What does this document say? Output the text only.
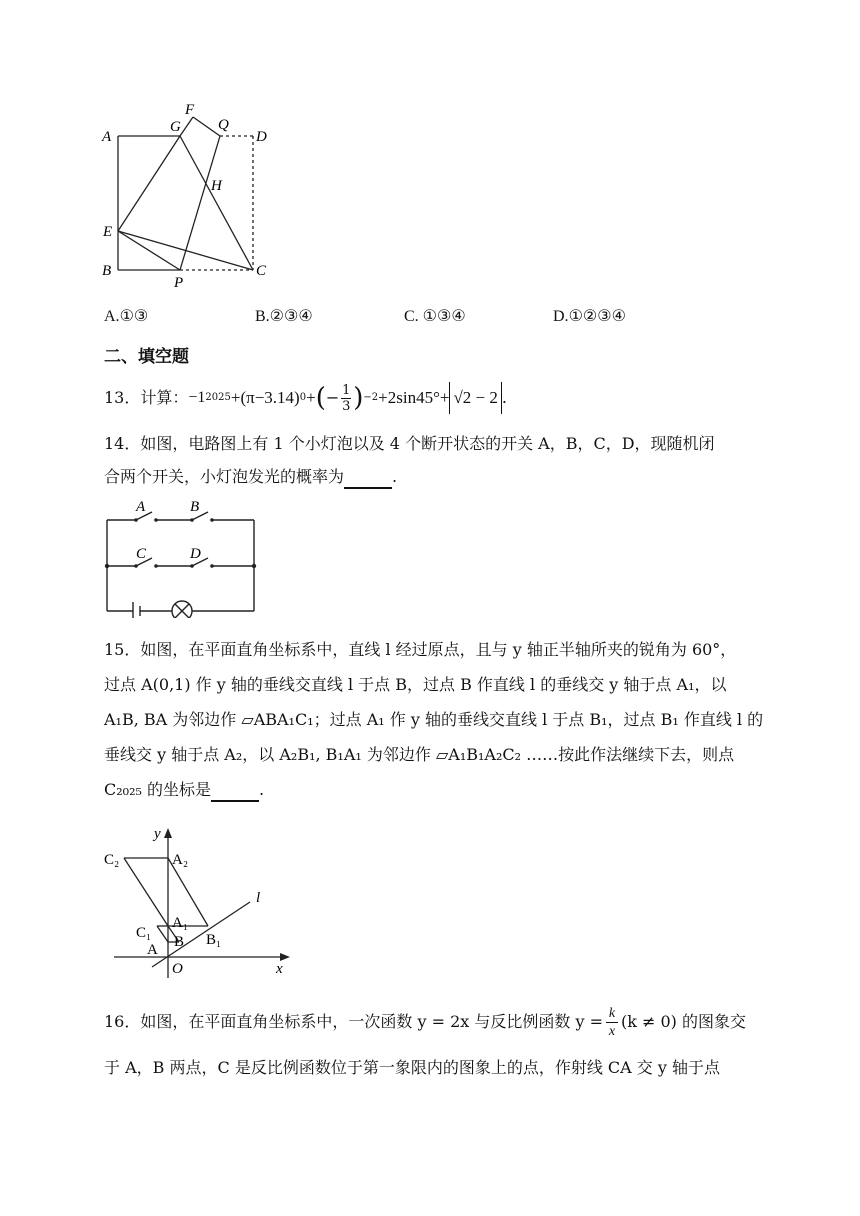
A
G
F
Q
D
H
E
B
P
C
A.①③	B.②③④	C. ①③④	D.①②③④
二、填空题
13． 计算： −1 2025 +(π−3.14) 0 + ( − $\frac{1}{3}$ ) −2 +2sin45°+ √2 − 2 .
14．如图，电路图上有 1 个小灯泡以及 4 个断开状态的开关 A，B，C，D，现随机闭
合两个开关，小灯泡发光的概率为	.
A	B
C	D
15．如图，在平面直角坐标系中，直线 l 经过原点，且与 y 轴正半轴所夹的锐角为 60°，
过点 A(0,1) 作 y 轴的垂线交直线 l 于点 B，过点 B 作直线 l 的垂线交 y 轴于点 A₁，以
A₁B, BA 为邻边作 ▱ABA₁C₁；过点 A₁ 作 y 轴的垂线交直线 l 于点 B₁，过点 B₁ 作直线 l 的
垂线交 y 轴于点 A₂，以 A₂B₁, B₁A₁ 为邻边作 ▱A₁B₁A₂C₂ ……按此作法继续下去，则点
C₂₀₂₅ 的坐标是	.
y
x
l
O
A B
C₁
A₁
B₁
C₂	A₂
16．如图，在平面直角坐标系中，一次函数 y = 2x 与反比例函数 $y = \frac{k}{x} (k \ne 0)$ 的图象交
于 A，B 两点，C 是反比例函数位于第一象限内的图象上的点，作射线 CA 交 y 轴于点
